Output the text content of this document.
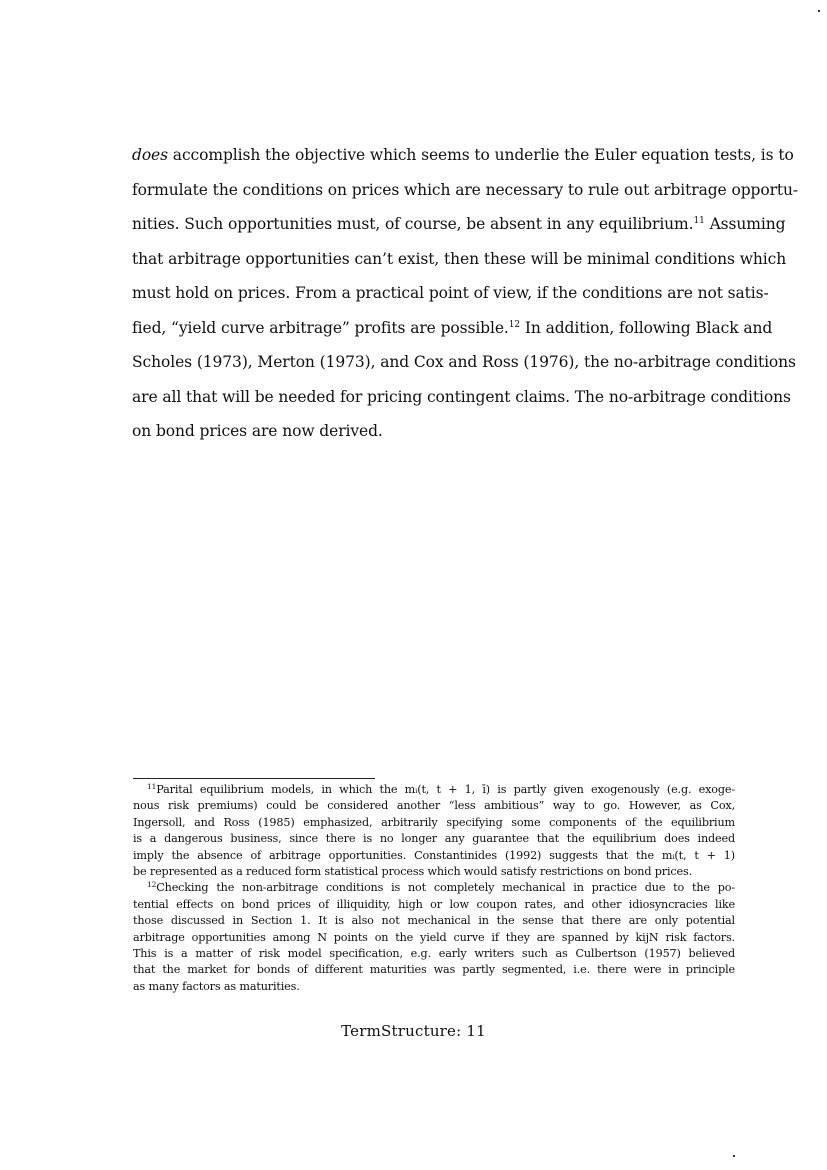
does accomplish the objective which seems to underlie the Euler equation tests, is to
formulate the conditions on prices which are necessary to rule out arbitrage opportu-
nities. Such opportunities must, of course, be absent in any equilibrium.$^{11}$ Assuming
that arbitrage opportunities can’t exist, then these will be minimal conditions which
must hold on prices. From a practical point of view, if the conditions are not satis-
fied, “yield curve arbitrage” profits are possible.$^{12}$ In addition, following Black and
Scholes (1973), Merton (1973), and Cox and Ross (1976), the no-arbitrage conditions
are all that will be needed for pricing contingent claims. The no-arbitrage conditions
on bond prices are now derived.
$^{11}$Parital equilibrium models, in which the mᵢ(t, t + 1, ī) is partly given exogenously (e.g. exoge-
nous risk premiums) could be considered another “less ambitious” way to go. However, as Cox,
Ingersoll, and Ross (1985) emphasized, arbitrarily specifying some components of the equilibrium
is a dangerous business, since there is no longer any guarantee that the equilibrium does indeed
imply the absence of arbitrage opportunities. Constantinides (1992) suggests that the mᵢ(t, t + 1)
be represented as a reduced form statistical process which would satisfy restrictions on bond prices.
$^{12}$Checking the non-arbitrage conditions is not completely mechanical in practice due to the po-
tential effects on bond prices of illiquidity, high or low coupon rates, and other idiosyncracies like
those discussed in Section 1. It is also not mechanical in the sense that there are only potential
arbitrage opportunities among N points on the yield curve if they are spanned by kijN risk factors.
This is a matter of risk model specification, e.g. early writers such as Culbertson (1957) believed
that the market for bonds of different maturities was partly segmented, i.e. there were in principle
as many factors as maturities.
TermStructure: 11
